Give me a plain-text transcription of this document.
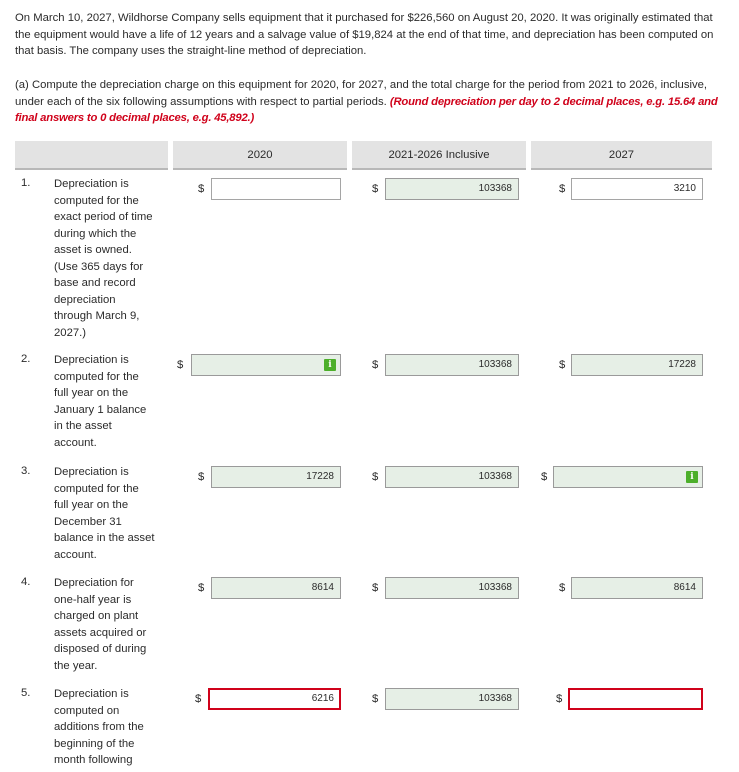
On March 10, 2027, Wildhorse Company sells equipment that it purchased for $226,560 on August 20, 2020. It was originally estimated that the equipment would have a life of 12 years and a salvage value of $19,824 at the end of that time, and depreciation has been computed on that basis. The company uses the straight-line method of depreciation.
(a) Compute the depreciation charge on this equipment for 2020, for 2027, and the total charge for the period from 2021 to 2026, inclusive, under each of the six following assumptions with respect to partial periods. (Round depreciation per day to 2 decimal places, e.g. 15.64 and final answers to 0 decimal places, e.g. 45,892.)
2020	2021-2026 Inclusive	2027
1. Depreciation is computed for the exact period of time during which the asset is owned. (Use 365 days for base and record depreciation through March 9, 2027.)
$	$	103368	$	3210
2. Depreciation is computed for the full year on the January 1 balance in the asset account.
$	i	$	103368	$	17228
3. Depreciation is computed for the full year on the December 31 balance in the asset account.
$	17228	$	103368	$	i
4. Depreciation for one-half year is charged on plant assets acquired or disposed of during the year.
$	8614	$	103368	$	8614
5. Depreciation is computed on additions from the beginning of the month following
$	6216	$	103368	$
